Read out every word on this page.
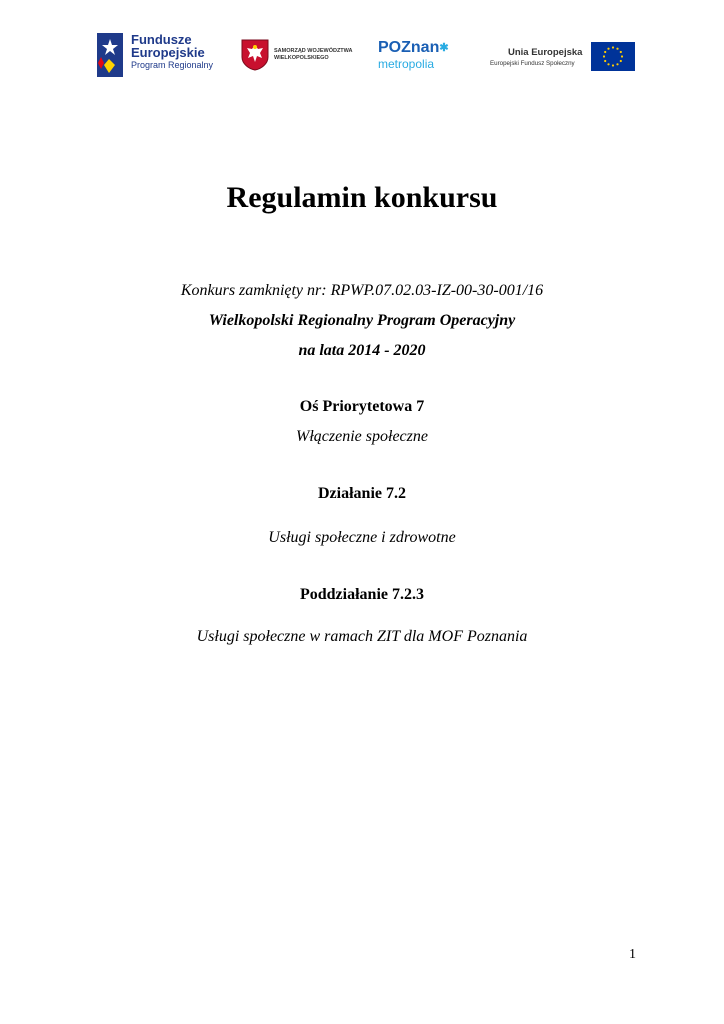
Fundusze
Europejskie
Program Regionalny
SAMORZĄD WOJEWÓDZTWA
WIELKOPOLSKIEGO
POZnan✱
metropolia
Unia Europejska
Europejski Fundusz Społeczny
Regulamin konkursu
Konkurs zamknięty nr: RPWP.07.02.03-IZ-00-30-001/16
Wielkopolski Regionalny Program Operacyjny
na lata 2014 - 2020
Oś Priorytetowa 7
Włączenie społeczne
Działanie 7.2
Usługi społeczne i zdrowotne
Poddziałanie 7.2.3
Usługi społeczne w ramach ZIT dla MOF Poznania
1
